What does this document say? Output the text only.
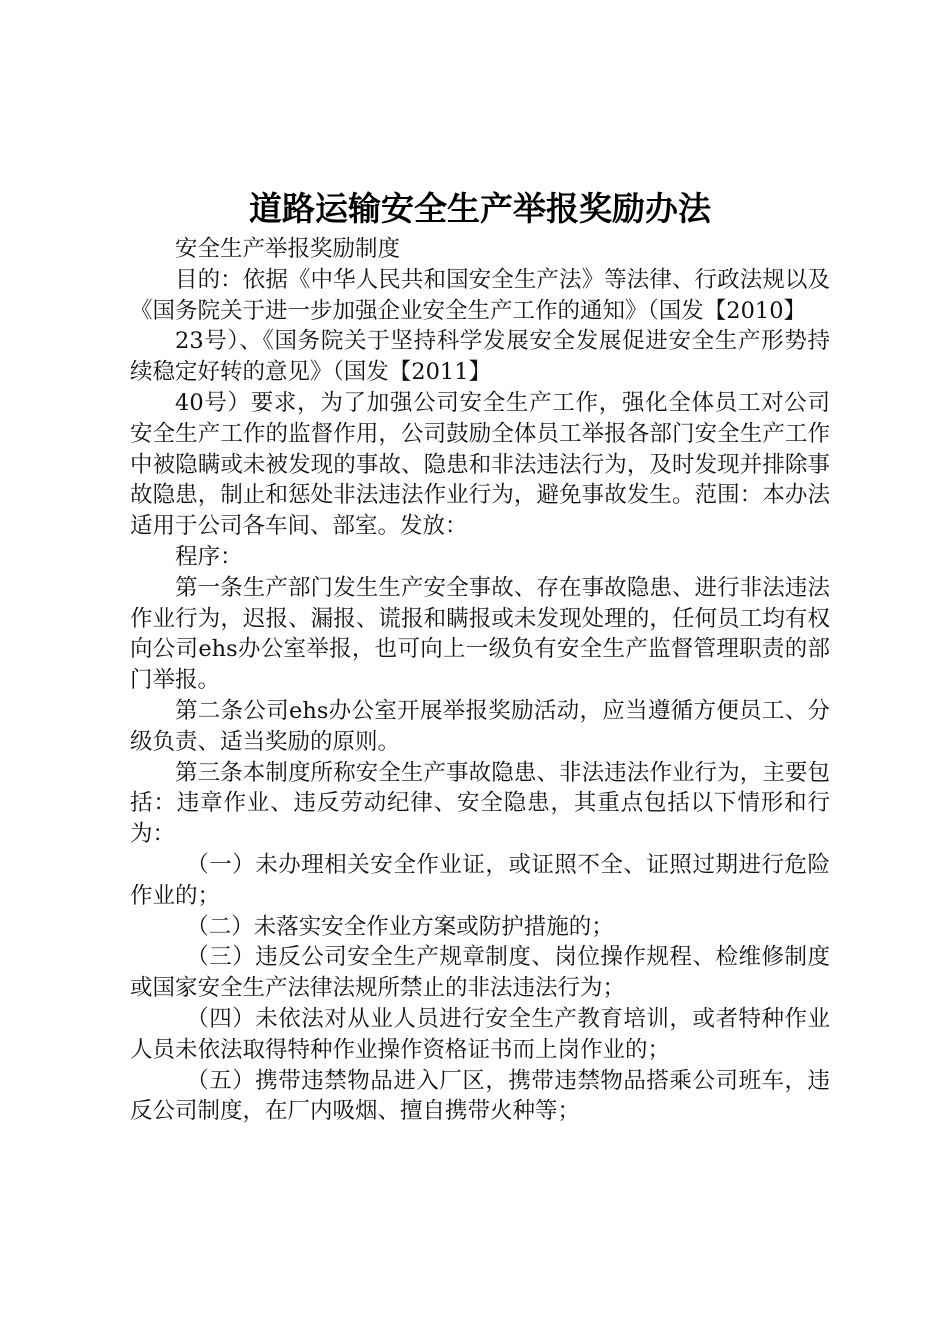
道路运输安全生产举报奖励办法

安全生产举报奖励制度

目的：依据《中华人民共和国安全生产法》等法律、行政法规以及《国务院关于进一步加强企业安全生产工作的通知》（国发【2010】

23号）、《国务院关于坚持科学发展安全发展促进安全生产形势持续稳定好转的意见》（国发【2011】

40号）要求，为了加强公司安全生产工作，强化全体员工对公司安全生产工作的监督作用，公司鼓励全体员工举报各部门安全生产工作中被隐瞒或未被发现的事故、隐患和非法违法行为，及时发现并排除事故隐患，制止和惩处非法违法作业行为，避免事故发生。范围：本办法适用于公司各车间、部室。发放：

程序：

第一条生产部门发生生产安全事故、存在事故隐患、进行非法违法作业行为，迟报、漏报、谎报和瞒报或未发现处理的，任何员工均有权向公司ehs办公室举报，也可向上一级负有安全生产监督管理职责的部门举报。

第二条公司ehs办公室开展举报奖励活动，应当遵循方便员工、分级负责、适当奖励的原则。

第三条本制度所称安全生产事故隐患、非法违法作业行为，主要包括：违章作业、违反劳动纪律、安全隐患，其重点包括以下情形和行为：

（一）未办理相关安全作业证，或证照不全、证照过期进行危险作业的；

（二）未落实安全作业方案或防护措施的；

（三）违反公司安全生产规章制度、岗位操作规程、检维修制度或国家安全生产法律法规所禁止的非法违法行为；

（四）未依法对从业人员进行安全生产教育培训，或者特种作业人员未依法取得特种作业操作资格证书而上岗作业的；

（五）携带违禁物品进入厂区，携带违禁物品搭乘公司班车，违反公司制度，在厂内吸烟、擅自携带火种等；
